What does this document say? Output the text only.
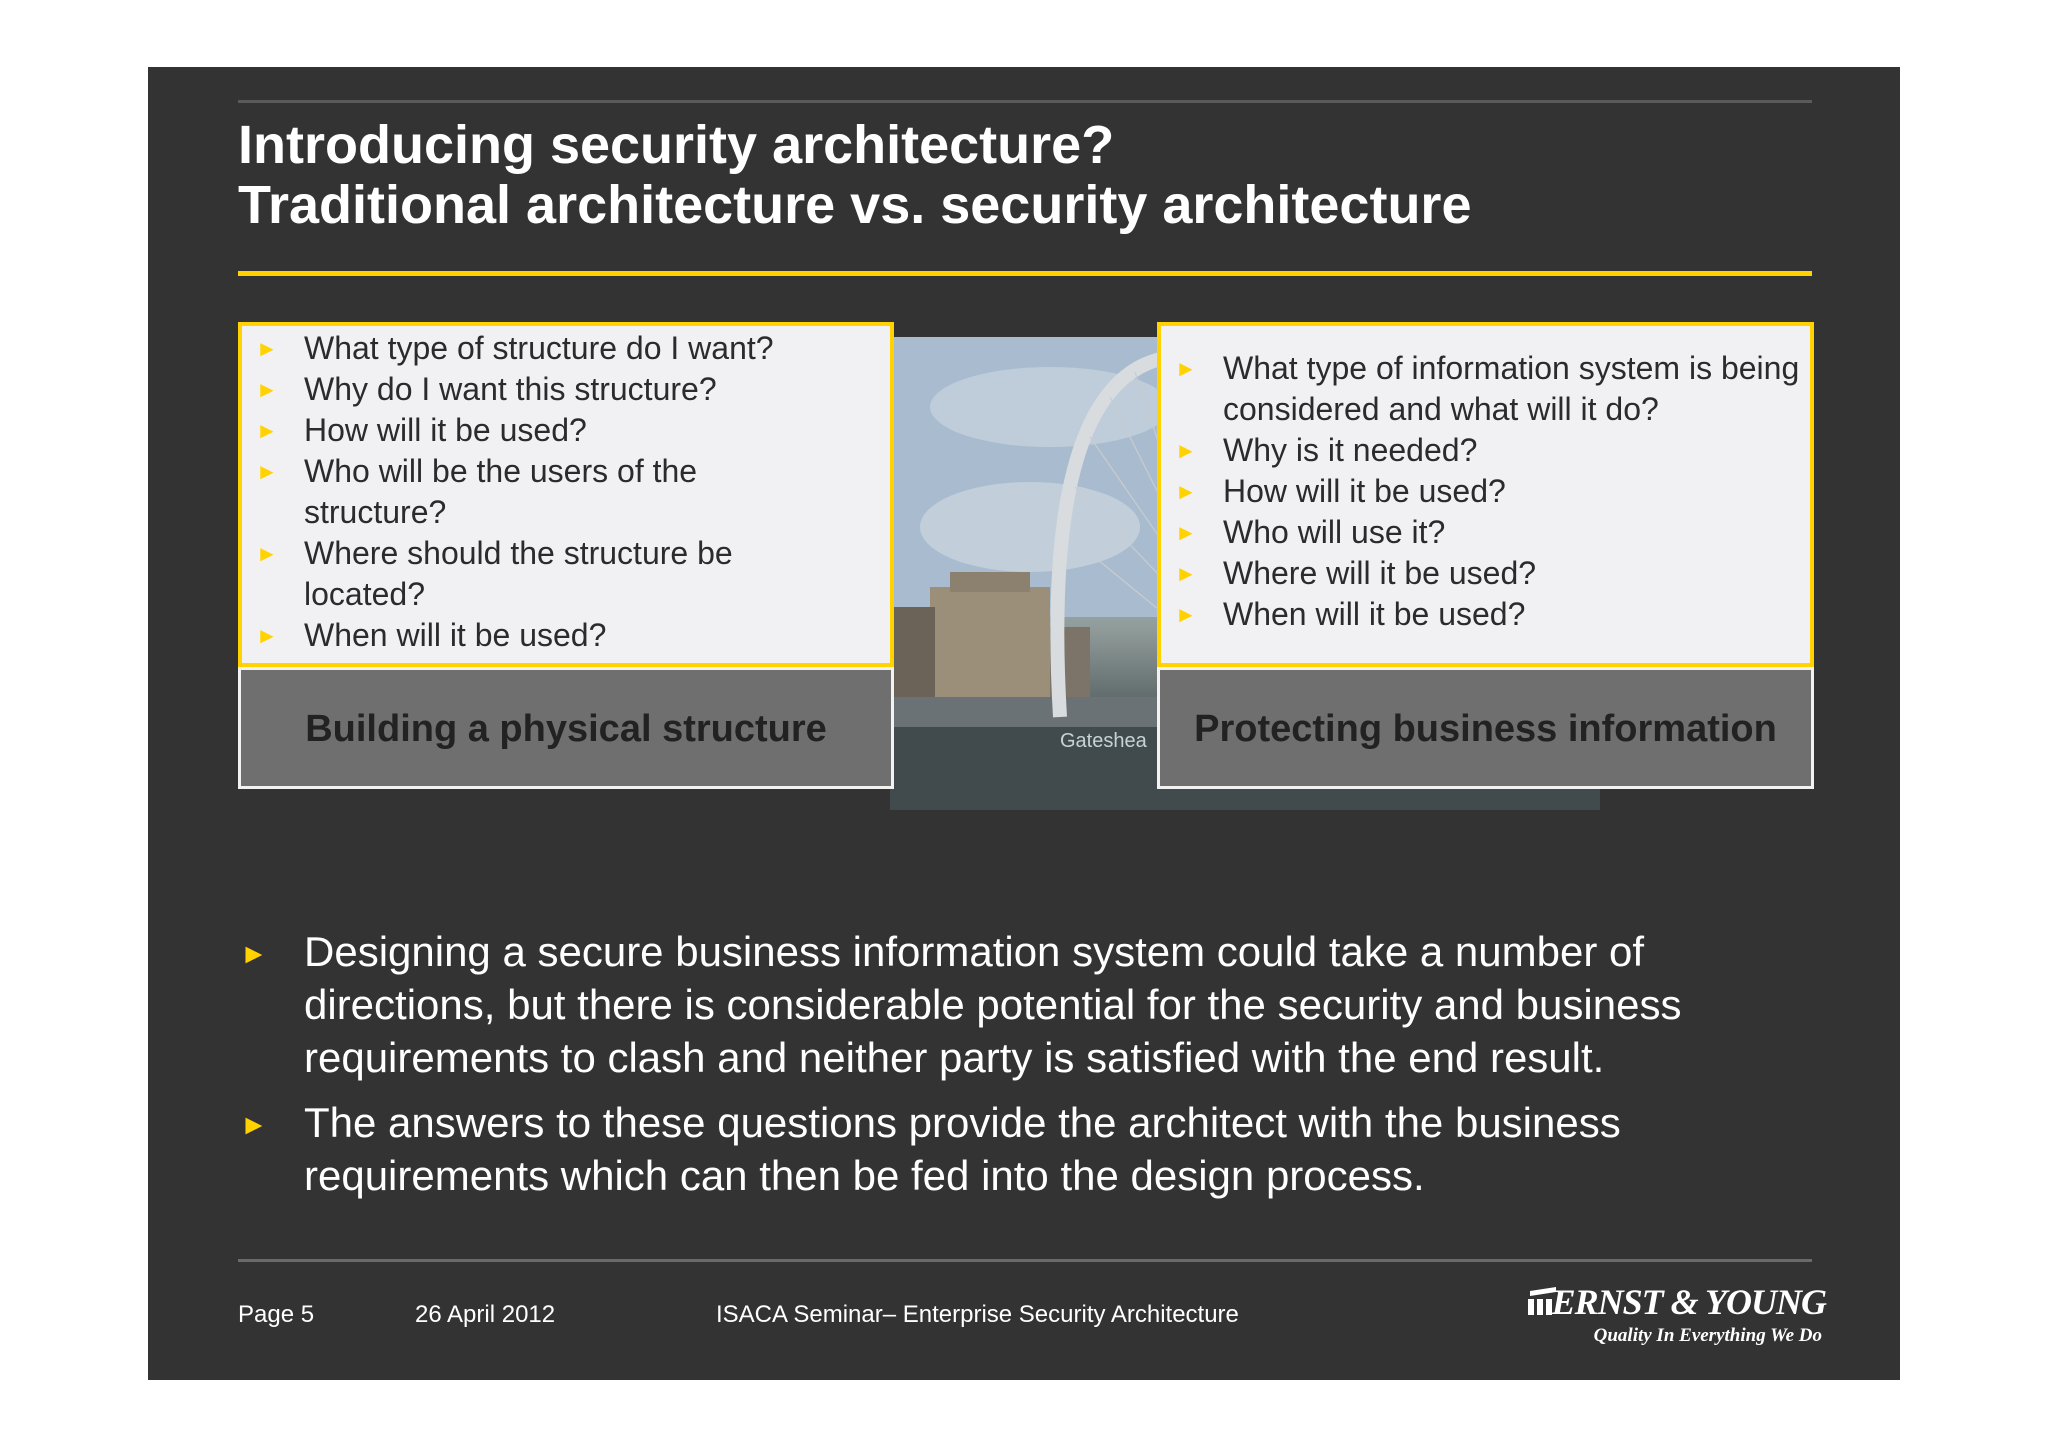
Introducing security architecture?
Traditional architecture vs. security architecture
Gateshea
► What type of structure do I want?
► Why do I want this structure?
► How will it be used?
► Who will be the users of the structure?
► Where should the structure be located?
► When will it be used?
► What type of information system is being considered and what will it do?
► Why is it needed?
► How will it be used?
► Who will use it?
► Where will it be used?
► When will it be used?
Building a physical structure	Protecting business information
► Designing a secure business information system could take a number of directions, but there is considerable potential for the security and business requirements to clash and neither party is satisfied with the end result.
► The answers to these questions provide the architect with the business requirements which can then be fed into the design process.
Page 5	26 April 2012	ISACA Seminar– Enterprise Security Architecture	ERNST & YOUNG
Quality In Everything We Do
